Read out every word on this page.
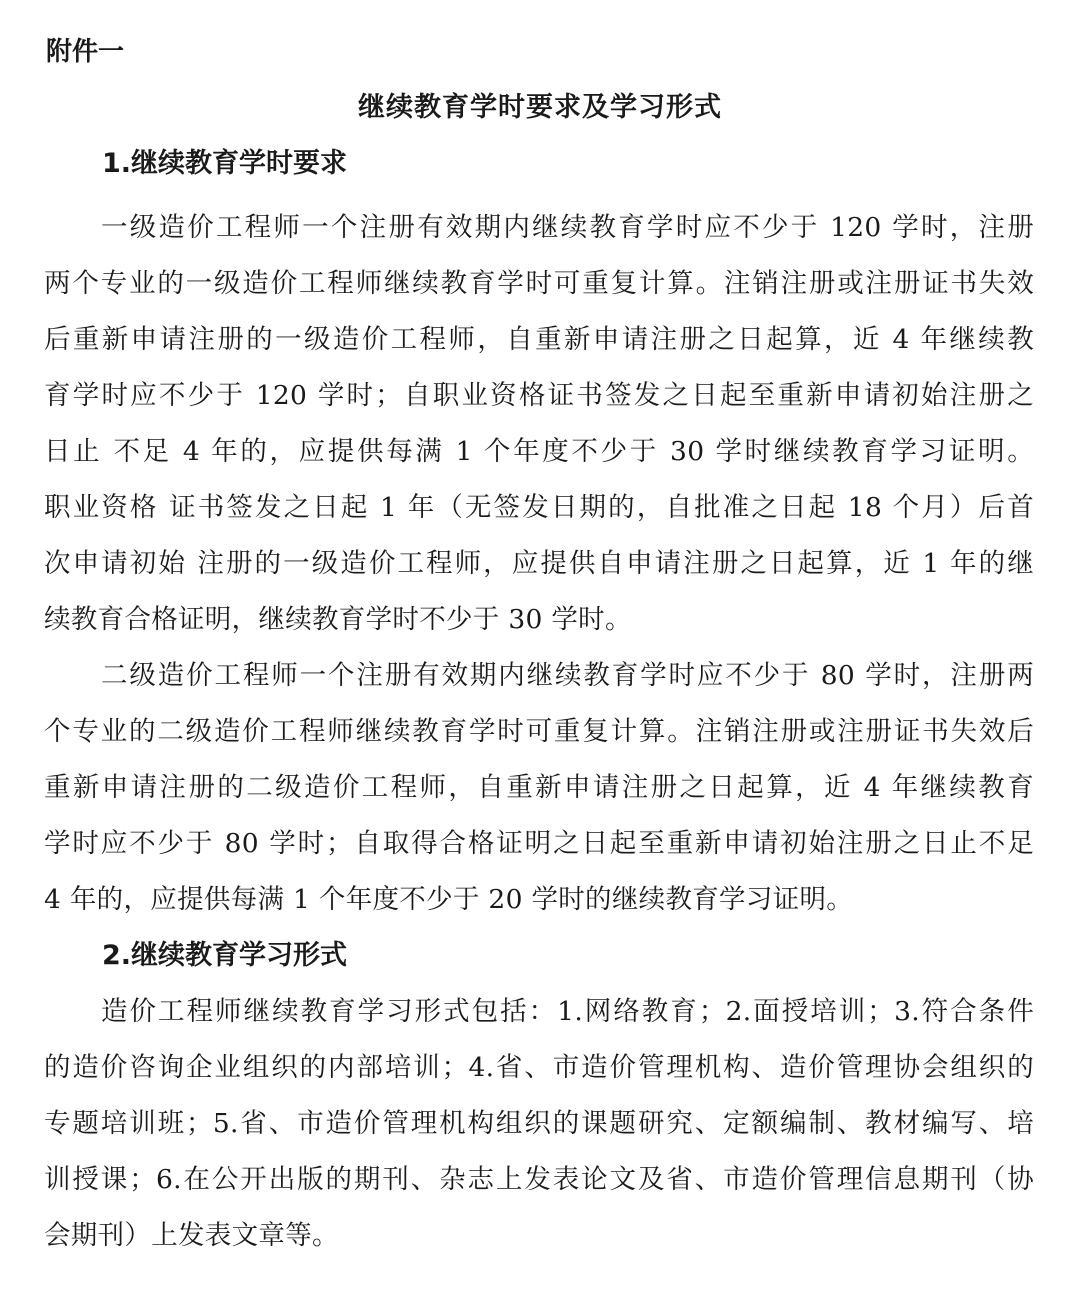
附件一
继续教育学时要求及学习形式
1.继续教育学时要求
一级造价工程师一个注册有效期内继续教育学时应不少于 120 学时，注册
两个专业的一级造价工程师继续教育学时可重复计算。注销注册或注册证书失效
后重新申请注册的一级造价工程师，自重新申请注册之日起算，近 4 年继续教
育学时应不少于 120 学时；自职业资格证书签发之日起至重新申请初始注册之
日止 不足 4 年的，应提供每满 1 个年度不少于 30 学时继续教育学习证明。
职业资格 证书签发之日起 1 年（无签发日期的，自批准之日起 18 个月）后首
次申请初始 注册的一级造价工程师，应提供自申请注册之日起算，近 1 年的继
续教育合格证明，继续教育学时不少于 30 学时。
二级造价工程师一个注册有效期内继续教育学时应不少于 80 学时，注册两
个专业的二级造价工程师继续教育学时可重复计算。注销注册或注册证书失效后
重新申请注册的二级造价工程师，自重新申请注册之日起算，近 4 年继续教育
学时应不少于 80 学时；自取得合格证明之日起至重新申请初始注册之日止不足
4 年的，应提供每满 1 个年度不少于 20 学时的继续教育学习证明。
2.继续教育学习形式
造价工程师继续教育学习形式包括：1.网络教育；2.面授培训；3.符合条件
的造价咨询企业组织的内部培训；4.省、市造价管理机构、造价管理协会组织的
专题培训班；5.省、市造价管理机构组织的课题研究、定额编制、教材编写、培
训授课；6.在公开出版的期刊、杂志上发表论文及省、市造价管理信息期刊（协
会期刊）上发表文章等。
